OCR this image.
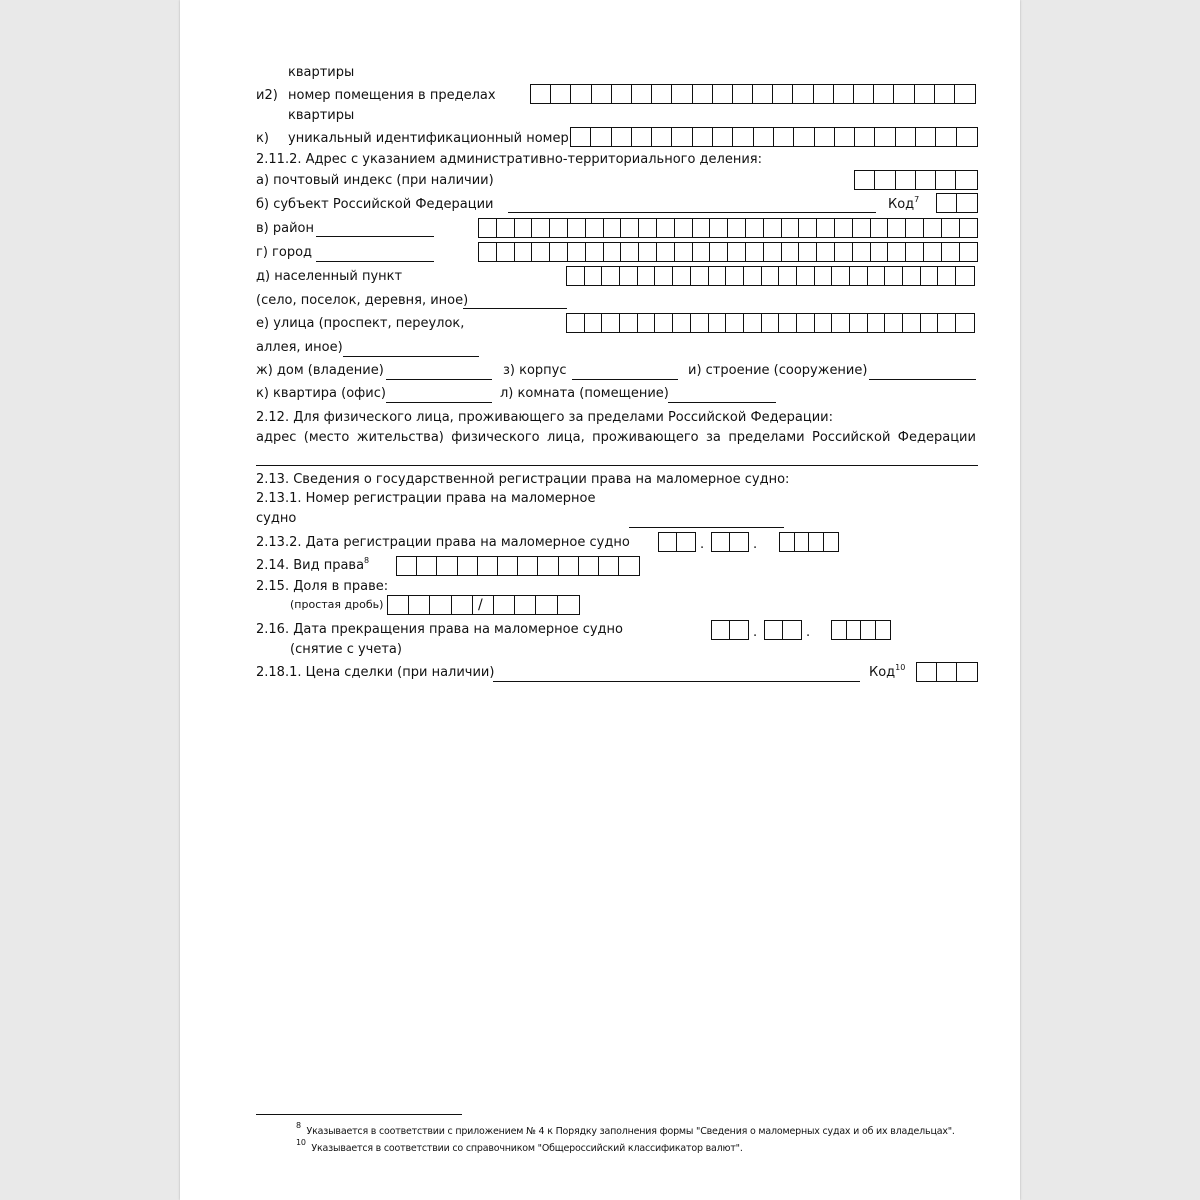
квартиры
и2) номер помещения в пределах
квартиры
к) уникальный идентификационный номер
2.11.2. Адрес с указанием административно-территориального деления:
а) почтовый индекс (при наличии)
б) субъект Российской Федерации	Код$^7$
в) район
г) город
д) населенный пункт
(село, поселок, деревня, иное)
е) улица (проспект, переулок,
аллея, иное)
ж) дом (владение)	з) корпус	и) строение (сооружение)
к) квартира (офис)	л) комната (помещение)
2.12. Для физического лица, проживающего за пределами Российской Федерации:
адрес (место жительства) физического лица, проживающего за пределами Российской Федерации
2.13. Сведения о государственной регистрации права на маломерное судно:
2.13.1. Номер регистрации права на маломерное
судно
2.13.2. Дата регистрации права на маломерное судно	.	.
2.14. Вид права$^8$
2.15. Доля в праве:
(простая дробь)	/
2.16. Дата прекращения права на маломерное судно
(снятие с учета)
.	.
2.18.1. Цена сделки (при наличии)	Код$^{10}$
$^8$  Указывается в соответствии с приложением № 4 к Порядку заполнения формы "Сведения о маломерных судах и об их владельцах".
$^{10}$  Указывается в соответствии со справочником "Общероссийский классификатор валют".
